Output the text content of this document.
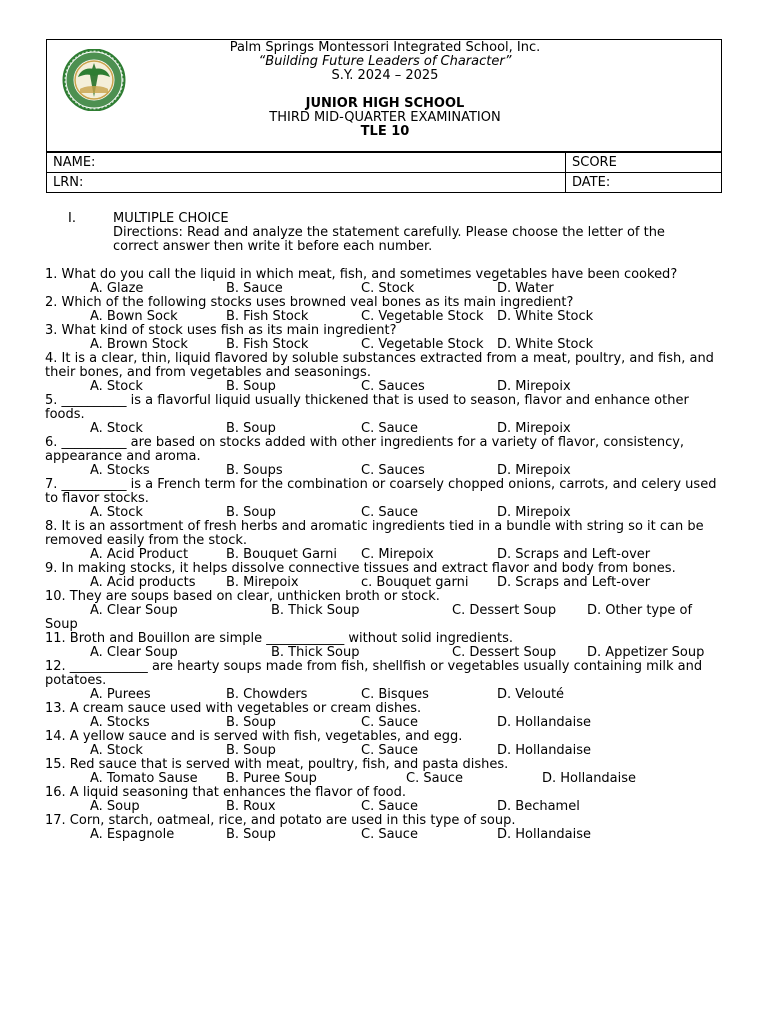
Palm Springs Montessori Integrated School, Inc.
“Building Future Leaders of Character”
S.Y. 2024 – 2025
JUNIOR HIGH SCHOOL
THIRD MID-QUARTER EXAMINATION
TLE 10
NAME:	SCORE
LRN:	DATE:
I.	MULTIPLE CHOICE
Directions: Read and analyze the statement carefully. Please choose the letter of the correct answer then write it before each number.
1. What do you call the liquid in which meat, fish, and sometimes vegetables have been cooked?
A. Glaze	B. Sauce	C. Stock	D. Water
2. Which of the following stocks uses browned veal bones as its main ingredient?
A. Bown Sock	B. Fish Stock	C. Vegetable Stock D. White Stock
3. What kind of stock uses fish as its main ingredient?
A. Brown Stock	B. Fish Stock	C. Vegetable Stock D. White Stock
4. It is a clear, thin, liquid flavored by soluble substances extracted from a meat, poultry, and fish, and their bones, and from vegetables and seasonings.
A. Stock	B. Soup	C. Sauces	D. Mirepoix
5. __________ is a flavorful liquid usually thickened that is used to season, flavor and enhance other foods.
A. Stock	B. Soup	C. Sauce	D. Mirepoix
6. __________ are based on stocks added with other ingredients for a variety of flavor, consistency, appearance and aroma.
A. Stocks	B. Soups	C. Sauces	D. Mirepoix
7. __________ is a French term for the combination or coarsely chopped onions, carrots, and celery used to flavor stocks.
A. Stock	B. Soup	C. Sauce	D. Mirepoix
8. It is an assortment of fresh herbs and aromatic ingredients tied in a bundle with string so it can be removed easily from the stock.
A. Acid Product	B. Bouquet Garni C. Mirepoix	D. Scraps and Left-over
9. In making stocks, it helps dissolve connective tissues and extract flavor and body from bones.
A. Acid products B. Mirepoix	c. Bouquet garni D. Scraps and Left-over
10. They are soups based on clear, unthicken broth or stock.
A. Clear Soup	B. Thick Soup	C. Dessert Soup D. Other type of
Soup
11. Broth and Bouillon are simple ____________ without solid ingredients.
A. Clear Soup	B. Thick Soup	C. Dessert Soup D. Appetizer Soup
12. ____________ are hearty soups made from fish, shellfish or vegetables usually containing milk and potatoes.
A. Purees	B. Chowders	C. Bisques	D. Velouté
13. A cream sauce used with vegetables or cream dishes.
A. Stocks	B. Soup	C. Sauce	D. Hollandaise
14. A yellow sauce and is served with fish, vegetables, and egg.
A. Stock	B. Soup	C. Sauce	D. Hollandaise
15. Red sauce that is served with meat, poultry, fish, and pasta dishes.
A. Tomato Sause B. Puree Soup	C. Sauce	D. Hollandaise
16. A liquid seasoning that enhances the flavor of food.
A. Soup	B. Roux	C. Sauce	D. Bechamel
17. Corn, starch, oatmeal, rice, and potato are used in this type of soup.
A. Espagnole	B. Soup	C. Sauce	D. Hollandaise
